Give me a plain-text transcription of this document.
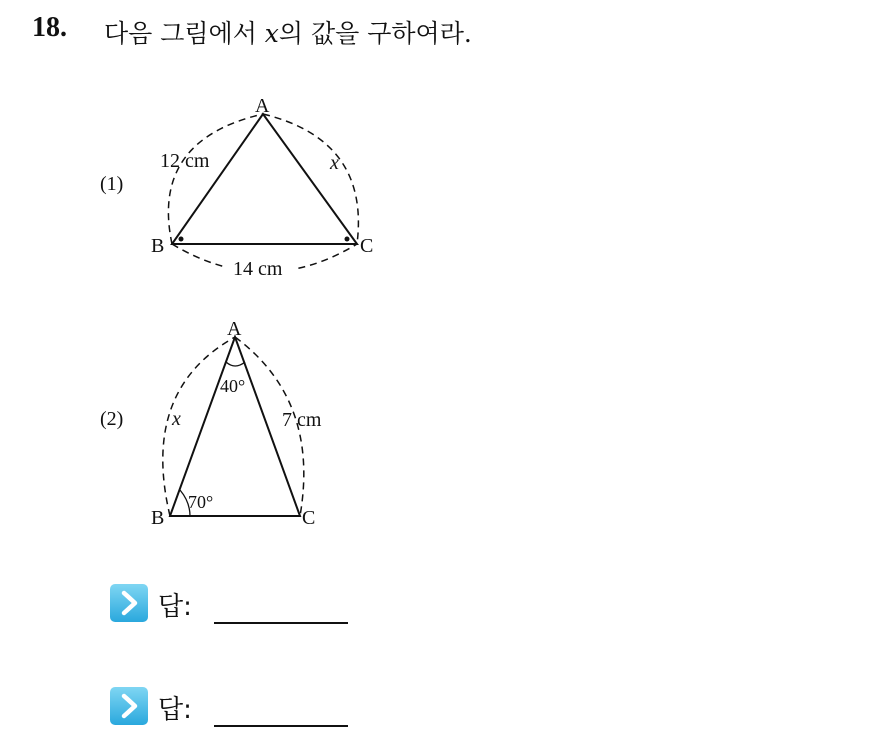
18. 다음 그림에서 x의 값을 구하여라.
(1)
(2)
A
B	C
12 cm	x
14 cm
A
B	C
40°
70°
x	7 cm
답:
답:
